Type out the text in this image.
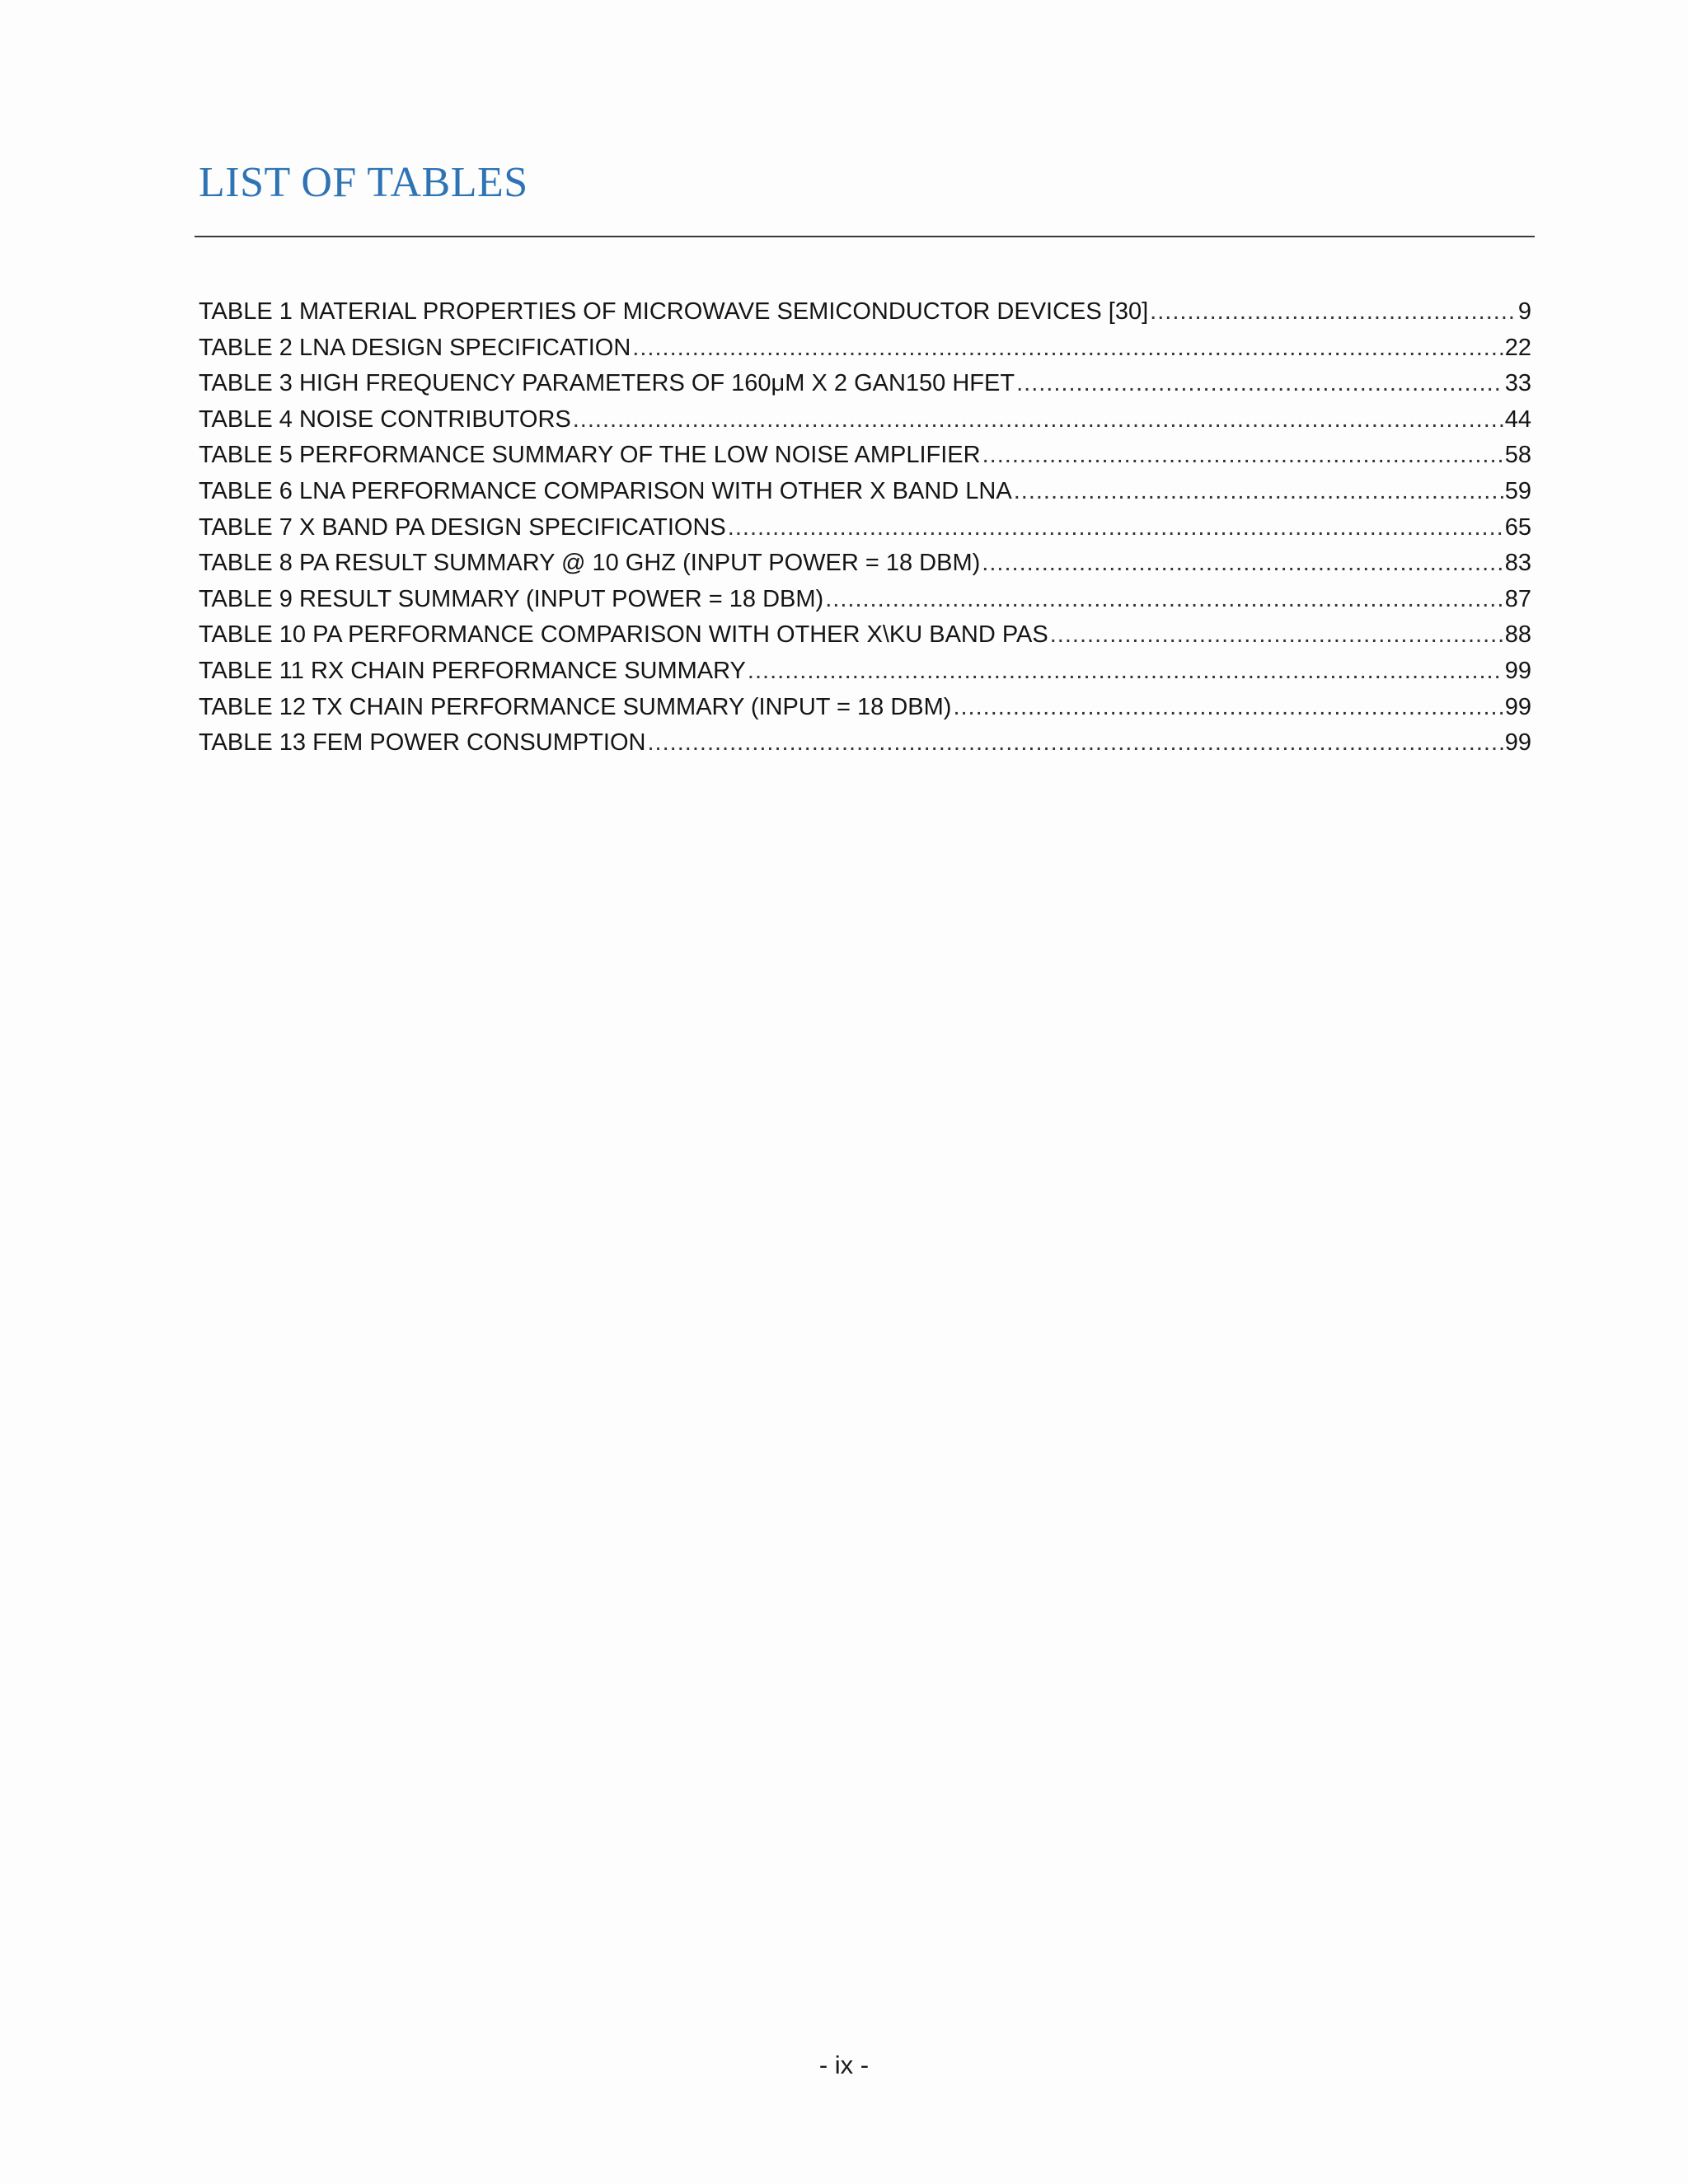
LIST OF TABLES
TABLE 1 MATERIAL PROPERTIES OF MICROWAVE SEMICONDUCTOR DEVICES [30] .....	9
TABLE 2 LNA DESIGN SPECIFICATION .....	22
TABLE 3 HIGH FREQUENCY PARAMETERS OF 160μM X 2 GAN150 HFET .....	33
TABLE 4 NOISE CONTRIBUTORS .....	44
TABLE 5 PERFORMANCE SUMMARY OF THE LOW NOISE AMPLIFIER .....	58
TABLE 6 LNA PERFORMANCE COMPARISON WITH OTHER X BAND LNA .....	59
TABLE 7 X BAND PA DESIGN SPECIFICATIONS .....	65
TABLE 8 PA RESULT SUMMARY @ 10 GHZ (INPUT POWER = 18 DBM) .....	83
TABLE 9 RESULT SUMMARY (INPUT POWER = 18 DBM) .....	87
TABLE 10 PA PERFORMANCE COMPARISON WITH OTHER X\KU BAND PAS .....	88
TABLE 11 RX CHAIN PERFORMANCE SUMMARY .....	99
TABLE 12 TX CHAIN PERFORMANCE SUMMARY (INPUT = 18 DBM) .....	99
TABLE 13 FEM POWER CONSUMPTION .....	99
- ix -
